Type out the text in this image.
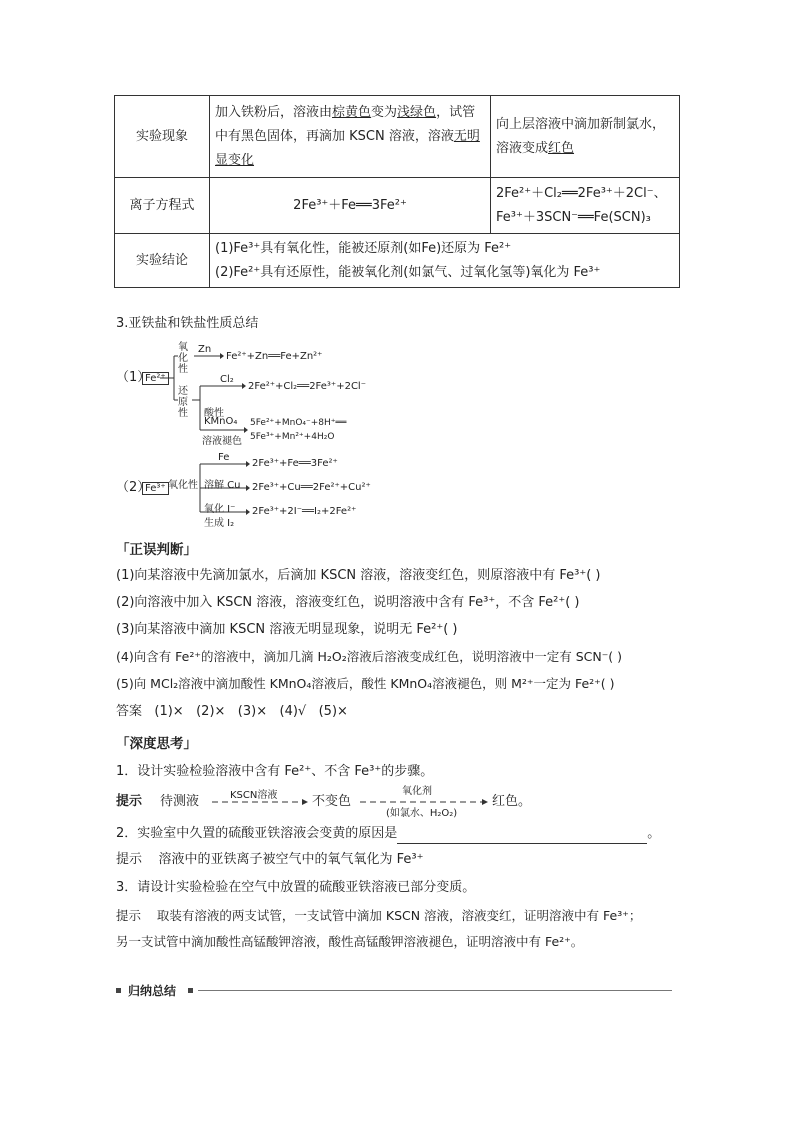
实验现象	加入铁粉后，溶液由棕黄色变为浅绿色，试管中有黑色固体，再滴加 KSCN 溶液，溶液无明显变化	向上层溶液中滴加新制氯水，溶液变成红色
离子方程式	2Fe³⁺＋Fe══3Fe²⁺	2Fe²⁺＋Cl₂══2Fe³⁺＋2Cl⁻、
Fe³⁺＋3SCN⁻══Fe(SCN)₃

实验结论	(1)Fe³⁺具有氧化性，能被还原剂(如Fe)还原为 Fe²⁺
(2)Fe²⁺具有还原性，能被氧化剂(如氯气、过氧化氢等)氧化为 Fe³⁺	
3.亚铁盐和铁盐性质总结
（1）
Fe²⁺
氧化性
还原性
Zn
Fe²⁺+Zn══Fe+Zn²⁺
Cl₂
2Fe²⁺+Cl₂══2Fe³⁺+2Cl⁻
酸性
KMnO₄
溶液褪色
5Fe²⁺+MnO₄⁻+8H⁺══
5Fe³⁺+Mn²⁺+4H₂O
（2）
Fe³⁺ 氧化性
Fe
2Fe³⁺+Fe══3Fe²⁺
溶解 Cu 2Fe³⁺+Cu══2Fe²⁺+Cu²⁺
氧化 I⁻
生成 I₂
2Fe³⁺+2I⁻══I₂+2Fe²⁺
「正误判断」
(1)向某溶液中先滴加氯水，后滴加 KSCN 溶液，溶液变红色，则原溶液中有 Fe³⁺( )
(2)向溶液中加入 KSCN 溶液，溶液变红色，说明溶液中含有 Fe³⁺，不含 Fe²⁺( )
(3)向某溶液中滴加 KSCN 溶液无明显现象，说明无 Fe²⁺( )
(4)向含有 Fe²⁺的溶液中，滴加几滴 H₂O₂溶液后溶液变成红色，说明溶液中一定有 SCN⁻( )
(5)向 MCl₂溶液中滴加酸性 KMnO₄溶液后，酸性 KMnO₄溶液褪色，则 M²⁺一定为 Fe²⁺( )
答案   (1)×   (2)×   (3)×   (4)√   (5)×
「深度思考」
1．设计实验检验溶液中含有 Fe²⁺、不含 Fe³⁺的步骤。
提示 待测液	KSCN溶液	不变色
氧化剂
(如氯水、H₂O₂)
红色。
2．实验室中久置的硫酸亚铁溶液会变黄的原因是	。
提示    溶液中的亚铁离子被空气中的氧气氧化为 Fe³⁺
3．请设计实验检验在空气中放置的硫酸亚铁溶液已部分变质。
提示    取装有溶液的两支试管，一支试管中滴加 KSCN 溶液，溶液变红，证明溶液中有 Fe³⁺；
另一支试管中滴加酸性高锰酸钾溶液，酸性高锰酸钾溶液褪色，证明溶液中有 Fe²⁺。
归纳总结
